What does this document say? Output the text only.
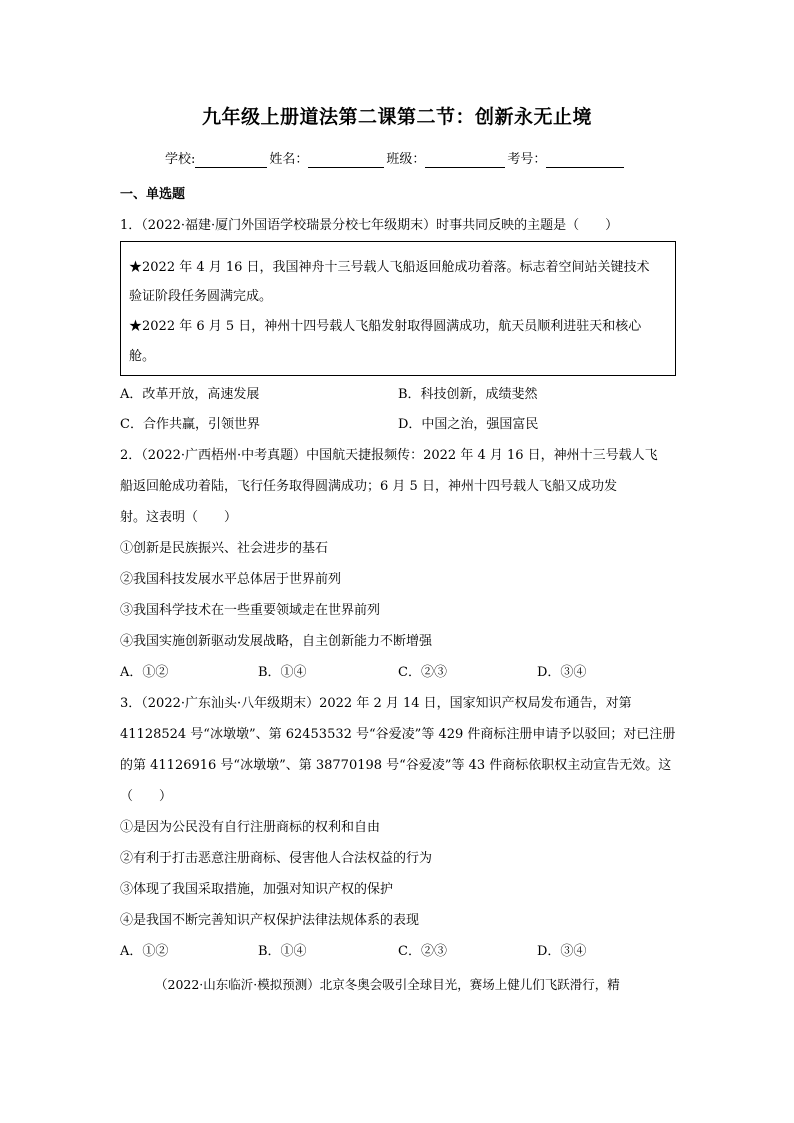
九年级上册道法第二课第二节：创新永无止境
学校:	姓名：	班级：	考号：
一、单选题
1．（2022·福建·厦门外国语学校瑞景分校七年级期末）时事共同反映的主题是（　　）
★2022 年 4 月 16 日，我国神舟十三号载人飞船返回舱成功着落。标志着空间站关键技术
验证阶段任务圆满完成。
★2022 年 6 月 5 日，神州十四号载人飞船发射取得圆满成功，航天员顺利进驻天和核心
舱。
A．改革开放，高速发展	B．科技创新，成绩斐然
C．合作共赢，引领世界	D．中国之治，强国富民
2．（2022·广西梧州·中考真题）中国航天捷报频传：2022 年 4 月 16 日，神州十三号载人飞
船返回舱成功着陆，飞行任务取得圆满成功；6 月 5 日，神州十四号载人飞船又成功发
射。这表明（　　）
①创新是民族振兴、社会进步的基石
②我国科技发展水平总体居于世界前列
③我国科学技术在一些重要领域走在世界前列
④我国实施创新驱动发展战略，自主创新能力不断增强
A．①②	B．①④	C．②③	D．③④
3．（2022·广东汕头·八年级期末）2022 年 2 月 14 日，国家知识产权局发布通告，对第
41128524 号“冰墩墩”、第 62453532 号“谷爱凌”等 429 件商标注册申请予以驳回；对已注册
的第 41126916 号“冰墩墩”、第 38770198 号“谷爱凌”等 43 件商标依职权主动宣告无效。这
（　　）
①是因为公民没有自行注册商标的权利和自由
②有利于打击恶意注册商标、侵害他人合法权益的行为
③体现了我国采取措施，加强对知识产权的保护
④是我国不断完善知识产权保护法律法规体系的表现
A．①②	B．①④	C．②③	D．③④
（2022·山东临沂·模拟预测）北京冬奥会吸引全球目光，赛场上健儿们飞跃滑行，精
